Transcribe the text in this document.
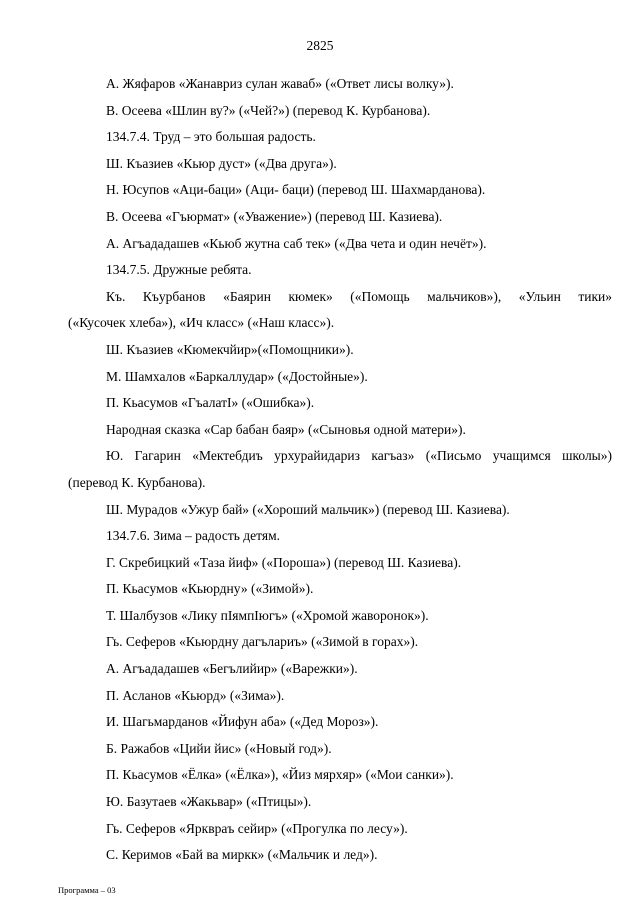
2825
А. Жяфаров «Жанавриз сулан жаваб» («Ответ лисы волку»).
В. Осеева «Шлин ву?» («Чей?») (перевод К. Курбанова).
134.7.4. Труд – это большая радость.
Ш. Къазиев «Кьюр дуст» («Два друга»).
Н. Юсупов «Аци-баци» (Аци- баци) (перевод Ш. Шахмарданова).
В. Осеева «Гъюрмат» («Уважение») (перевод Ш. Казиева).
А. Агъададашев «Кьюб жутна саб тек» («Два чета и один нечёт»).
134.7.5. Дружные ребята.
Къ. Къурбанов «Баярин кюмек» («Помощь мальчиков»), «Ульин тики»
(«Кусочек хлеба»), «Ич класс» («Наш класс»).
Ш. Къазиев «Кюмекчйир»(«Помощники»).
М. Шамхалов «Баркаллудар» («Достойные»).
П. Кьасумов «ГъалатІ» («Ошибка»).
Народная сказка «Сар бабан баяр» («Сыновья одной матери»).
Ю. Гагарин «Мектебдиъ урхурайидариз кагъаз» («Письмо учащимся школы»)
(перевод К. Курбанова).
Ш. Мурадов «Ужур бай» («Хороший мальчик») (перевод Ш. Казиева).
134.7.6. Зима – радость детям.
Г. Скребицкий «Таза йиф» («Пороша») (перевод Ш. Казиева).
П. Кьасумов «Кьюрдну» («Зимой»).
Т. Шалбузов «Лику пІямпІюгъ» («Хромой жаворонок»).
Гь. Сеферов «Кьюрдну дагълариъ» («Зимой в горах»).
А. Агъададашев «Бегълийир» («Варежки»).
П. Асланов «Кьюрд» («Зима»).
И. Шагьмарданов «Йифун аба» («Дед Мороз»).
Б. Ражабов «Цийи йис» («Новый год»).
П. Кьасумов «Ёлка» («Ёлка»), «Йиз мярхяр» («Мои санки»).
Ю. Базутаев «Жакьвар» («Птицы»).
Гь. Сеферов «Яркврaъ сейир» («Прогулка по лесу»).
С. Керимов «Бай ва миркк» («Мальчик и лед»).
Программа – 03
